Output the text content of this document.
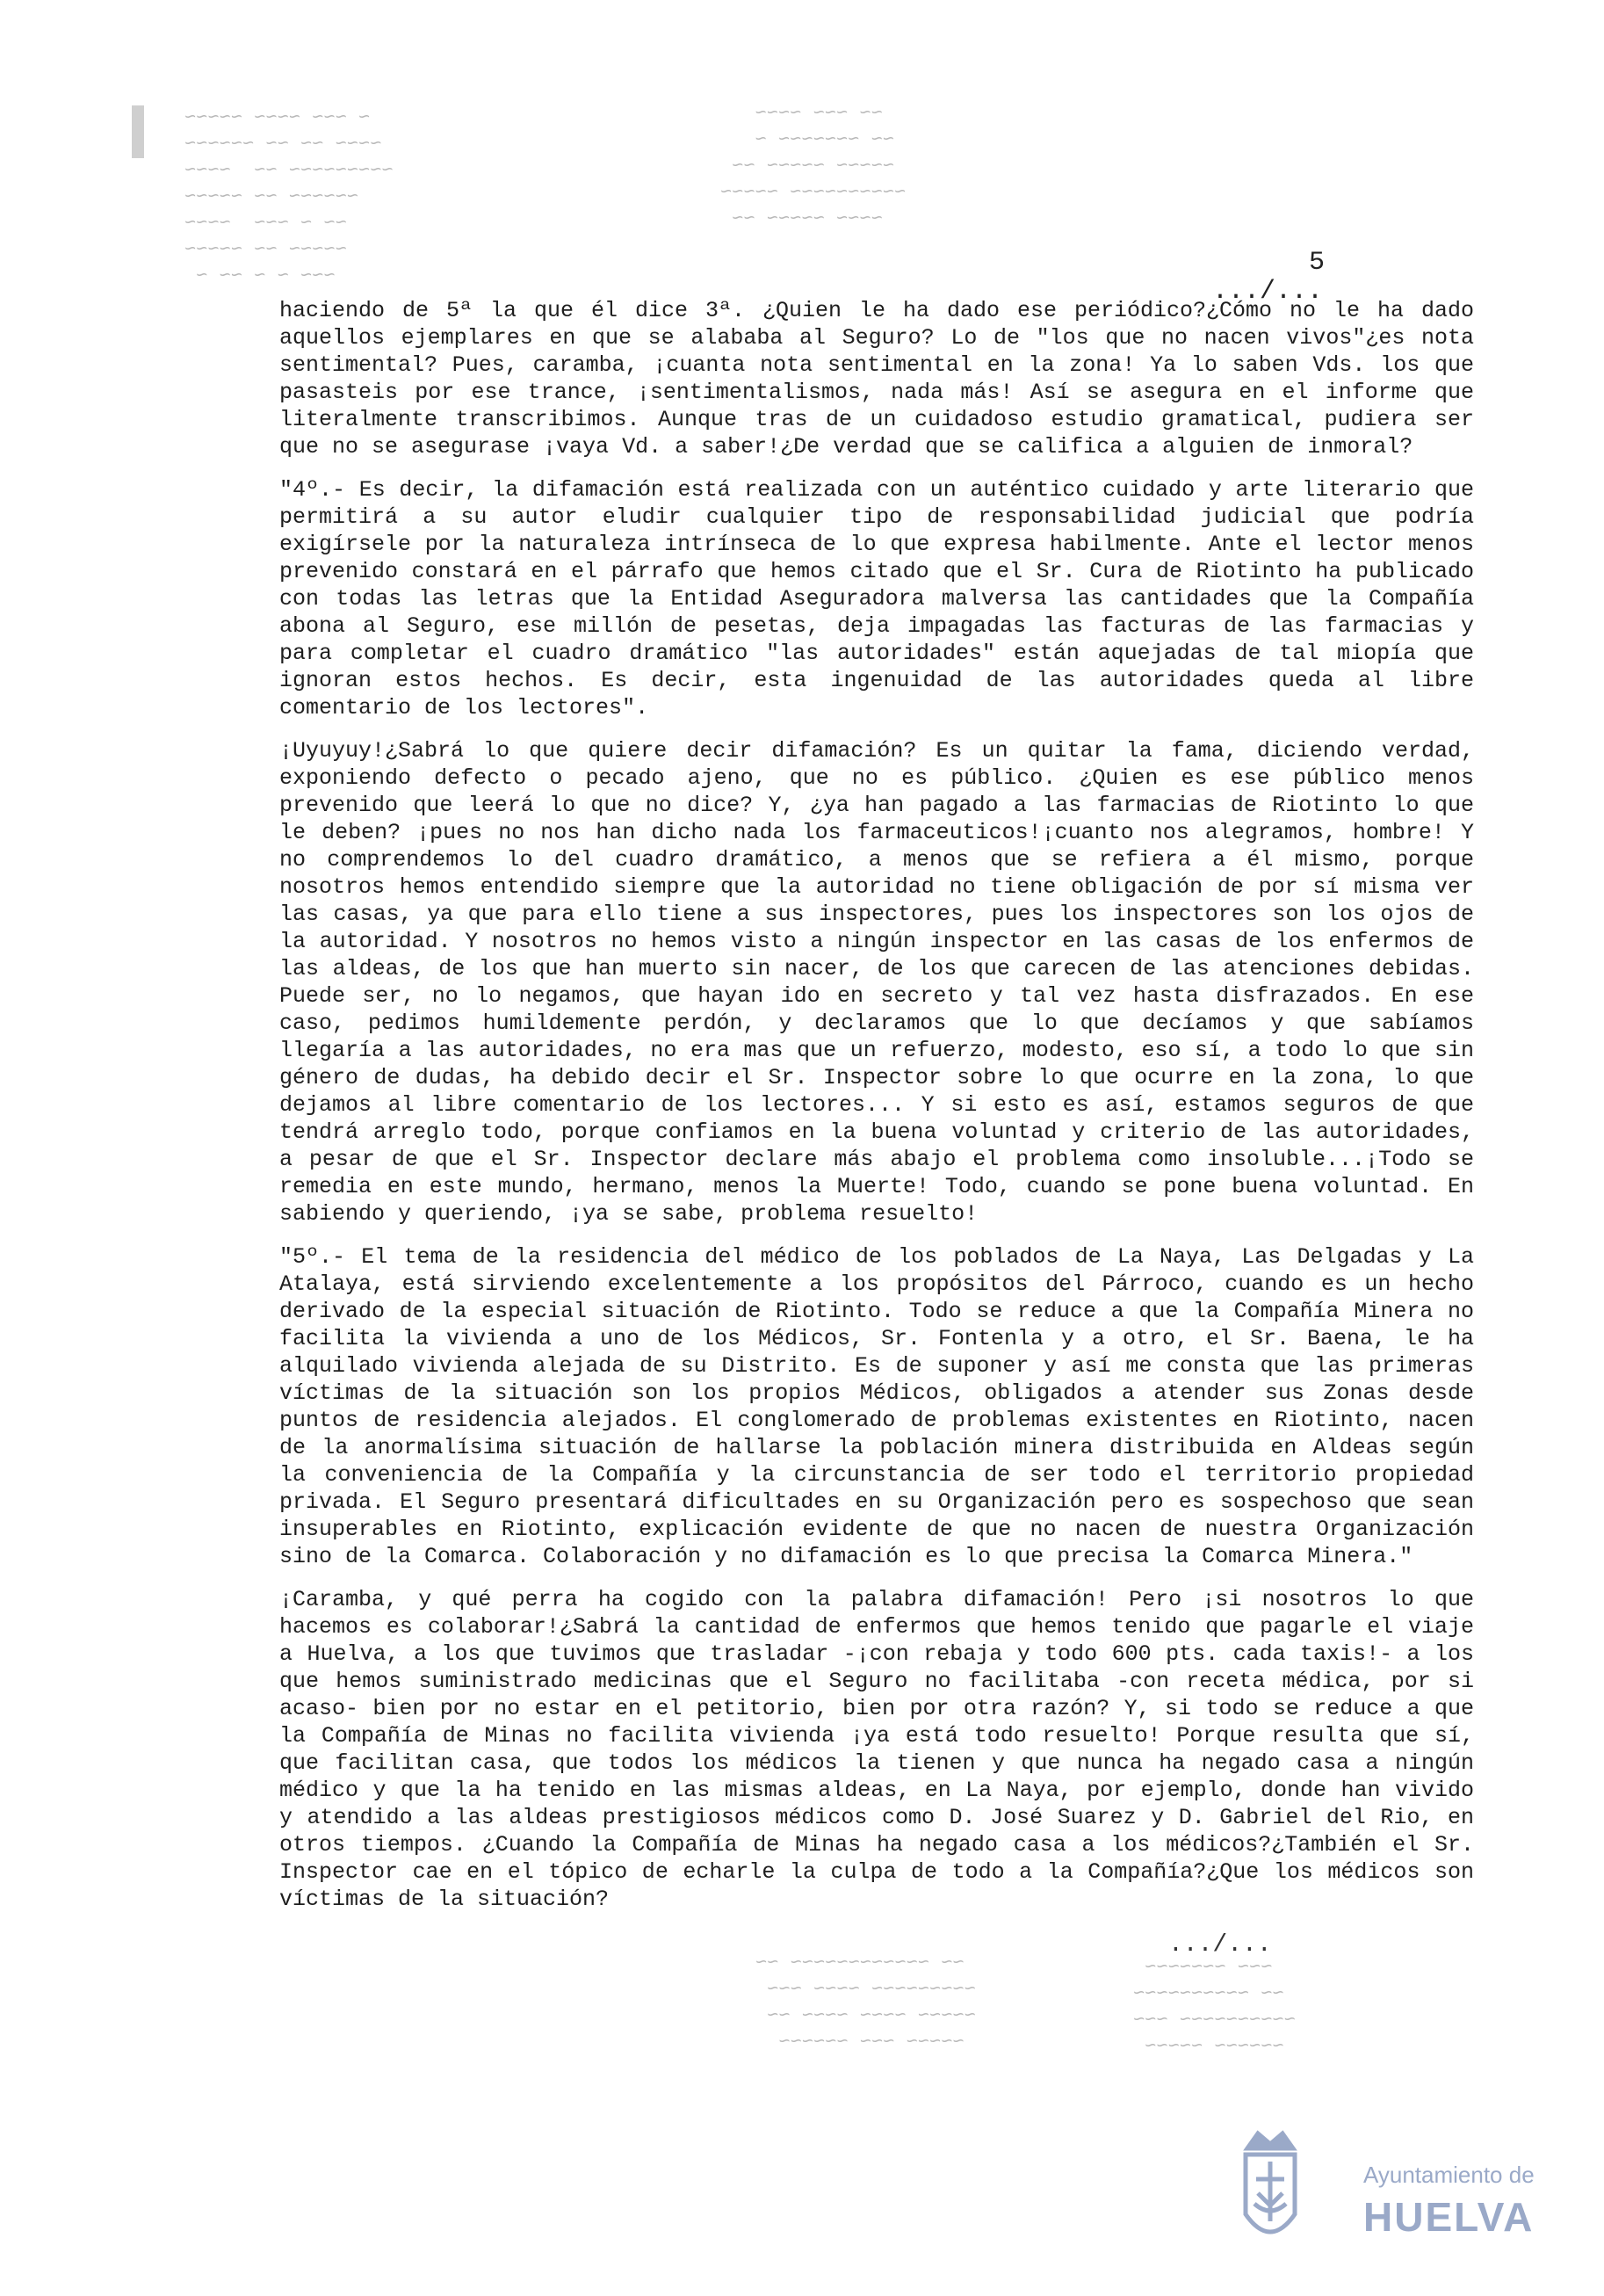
~ ~~~ ~~~~ ~~~~~
~~~~ ~~ ~~ ~~~~~~
~~~~~~~~~ ~~  ~~~~
~~~~~~ ~~ ~~~~~
~~ ~ ~~~  ~~~~
~~~~~ ~~ ~~~~~
~~~ ~ ~ ~~ ~
~~ ~~~ ~~~~
~~ ~~~~~~~ ~
~~~~~ ~~~~~ ~~
~~~~~~~~~~ ~~~~~
~~~~ ~~~~~ ~~
~~ ~~~~~~~~~~~~ ~~
~~~~~~~~~ ~~~~ ~~~
~~~~~ ~~~~ ~~~~ ~~
~~~~~ ~~~ ~~~~~~
~~~ ~~~~~~~
~~ ~~~~~~~~~~
~~~~~~~~~~ ~~~
~~~~~~ ~~~~~
5
.../...

haciendo de 5ª la que él dice 3ª. ¿Quien le ha dado ese periódico?¿Cómo no le ha dado aquellos ejemplares en que se alababa al Seguro? Lo de "los que no nacen vivos"¿es nota sentimental? Pues, caramba, ¡cuanta nota sentimental en la zona! Ya lo saben Vds. los que pasasteis por ese trance, ¡sentimentalismos, nada más! Así se asegura en el informe que literalmente transcribimos. Aunque tras de un cuidadoso estudio gramatical, pudiera ser que no se asegurase ¡vaya Vd. a saber!¿De verdad que se califica a alguien de inmoral?

"4º.- Es decir, la difamación está realizada con un auténtico cuidado y arte literario que permitirá a su autor eludir cualquier tipo de responsabilidad judicial que podría exigírsele por la naturaleza intrínseca de lo que expresa habilmente. Ante el lector menos prevenido constará en el párrafo que hemos citado que el Sr. Cura de Riotinto ha publicado con todas las letras que la Entidad Aseguradora malversa las cantidades que la Compañía abona al Seguro, ese millón de pesetas, deja impagadas las facturas de las farmacias y para completar el cuadro dramático "las autoridades" están aquejadas de tal miopía que ignoran estos hechos. Es decir, esta ingenuidad de las autoridades queda al libre comentario de los lectores".

¡Uyuyuy!¿Sabrá lo que quiere decir difamación? Es un quitar la fama, diciendo verdad, exponiendo defecto o pecado ajeno, que no es público. ¿Quien es ese público menos prevenido que leerá lo que no dice? Y, ¿ya han pagado a las farmacias de Riotinto lo que le deben? ¡pues no nos han dicho nada los farmaceuticos!¡cuanto nos alegramos, hombre! Y no comprendemos lo del cuadro dramático, a menos que se refiera a él mismo, porque nosotros hemos entendido siempre que la autoridad no tiene obligación de por sí misma ver las casas, ya que para ello tiene a sus inspectores, pues los inspectores son los ojos de la autoridad. Y nosotros no hemos visto a ningún inspector en las casas de los enfermos de las aldeas, de los que han muerto sin nacer, de los que carecen de las atenciones debidas. Puede ser, no lo negamos, que hayan ido en secreto y tal vez hasta disfrazados. En ese caso, pedimos humildemente perdón, y declaramos que lo que decíamos y que sabíamos llegaría a las autoridades, no era mas que un refuerzo, modesto, eso sí, a todo lo que sin género de dudas, ha debido decir el Sr. Inspector sobre lo que ocurre en la zona, lo que dejamos al libre comentario de los lectores... Y si esto es así, estamos seguros de que tendrá arreglo todo, porque confiamos en la buena voluntad y criterio de las autoridades, a pesar de que el Sr. Inspector declare más abajo el problema como insoluble...¡Todo se remedia en este mundo, hermano, menos la Muerte! Todo, cuando se pone buena voluntad. En sabiendo y queriendo, ¡ya se sabe, problema resuelto!

"5º.- El tema de la residencia del médico de los poblados de La Naya, Las Delgadas y La Atalaya, está sirviendo excelentemente a los propósitos del Párroco, cuando es un hecho derivado de la especial situación de Riotinto. Todo se reduce a que la Compañía Minera no facilita la vivienda a uno de los Médicos, Sr. Fontenla y a otro, el Sr. Baena, le ha alquilado vivienda alejada de su Distrito. Es de suponer y así me consta que las primeras víctimas de la situación son los propios Médicos, obligados a atender sus Zonas desde puntos de residencia alejados. El conglomerado de problemas existentes en Riotinto, nacen de la anormalísima situación de hallarse la población minera distribuida en Aldeas según la conveniencia de la Compañía y la circunstancia de ser todo el territorio propiedad privada. El Seguro presentará dificultades en su Organización pero es sospechoso que sean insuperables en Riotinto, explicación evidente de que no nacen de nuestra Organización sino de la Comarca. Colaboración y no difamación es lo que precisa la Comarca Minera."

¡Caramba, y qué perra ha cogido con la palabra difamación! Pero ¡si nosotros lo que hacemos es colaborar!¿Sabrá la cantidad de enfermos que hemos tenido que pagarle el viaje a Huelva, a los que tuvimos que trasladar -¡con rebaja y todo 600 pts. cada taxis!- a los que hemos suministrado medicinas que el Seguro no facilitaba -con receta médica, por si acaso- bien por no estar en el petitorio, bien por otra razón? Y, si todo se reduce a que la Compañía de Minas no facilita vivienda ¡ya está todo resuelto! Porque resulta que sí, que facilitan casa, que todos los médicos la tienen y que nunca ha negado casa a ningún médico y que la ha tenido en las mismas aldeas, en La Naya, por ejemplo, donde han vivido y atendido a las aldeas prestigiosos médicos como D. José Suarez y D. Gabriel del Rio, en otros tiempos. ¿Cuando la Compañía de Minas ha negado casa a los médicos?¿También el Sr. Inspector cae en el tópico de echarle la culpa de todo a la Compañía?¿Que los médicos son víctimas de la situación?

.../...
Ayuntamiento de
HUELVA
